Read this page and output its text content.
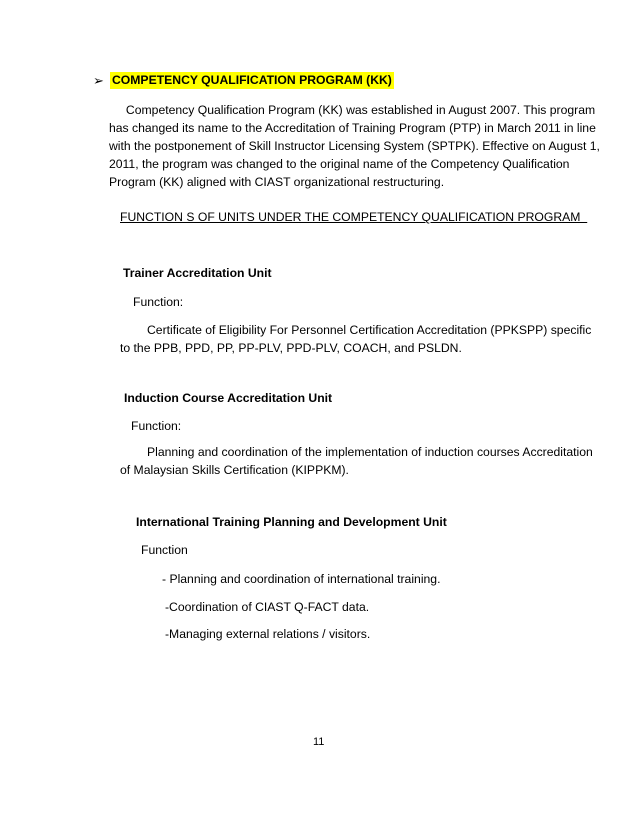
➢ COMPETENCY QUALIFICATION PROGRAM (KK)
Competency Qualification Program (KK) was established in August 2007. This program
has changed its name to the Accreditation of Training Program (PTP) in March 2011 in line
with the postponement of Skill Instructor Licensing System (SPTPK). Effective on August 1,
2011, the program was changed to the original name of the Competency Qualification
Program (KK) aligned with CIAST organizational restructuring.
FUNCTION S OF UNITS UNDER THE COMPETENCY QUALIFICATION PROGRAM
Trainer Accreditation Unit
Function:
Certificate of Eligibility For Personnel Certification Accreditation (PPKSPP) specific
to the PPB, PPD, PP, PP-PLV, PPD-PLV, COACH, and PSLDN.
Induction Course Accreditation Unit
Function:
Planning and coordination of the implementation of induction courses Accreditation
of Malaysian Skills Certification (KIPPKM).
International Training Planning and Development Unit
Function
- Planning and coordination of international training.
-Coordination of CIAST Q-FACT data.
-Managing external relations / visitors.
11
